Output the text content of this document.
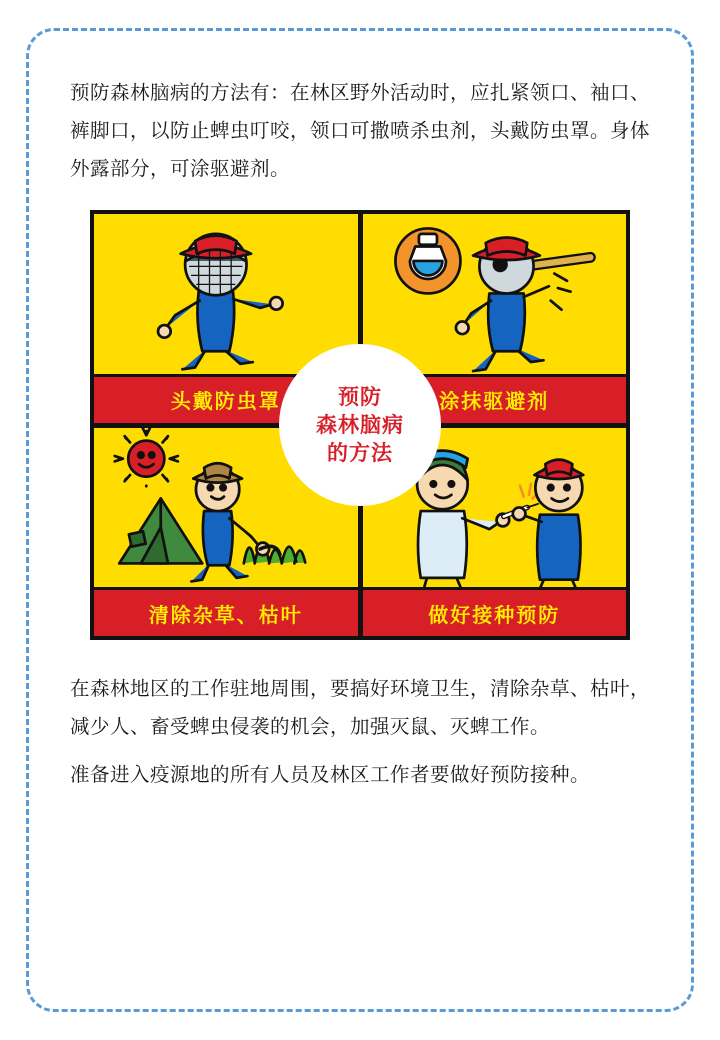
预防森林脑病的方法有：在林区野外活动时，应扎紧领口、袖口、裤脚口，以防止蜱虫叮咬，领口可撒喷杀虫剂，头戴防虫罩。身体外露部分，可涂驱避剂。

头戴防虫罩	涂抹驱避剂
清除杂草、枯叶	做好接种预防
预防
森林脑病
的方法

在森林地区的工作驻地周围，要搞好环境卫生，清除杂草、枯叶，减少人、畜受蜱虫侵袭的机会，加强灭鼠、灭蜱工作。

准备进入疫源地的所有人员及林区工作者要做好预防接种。
